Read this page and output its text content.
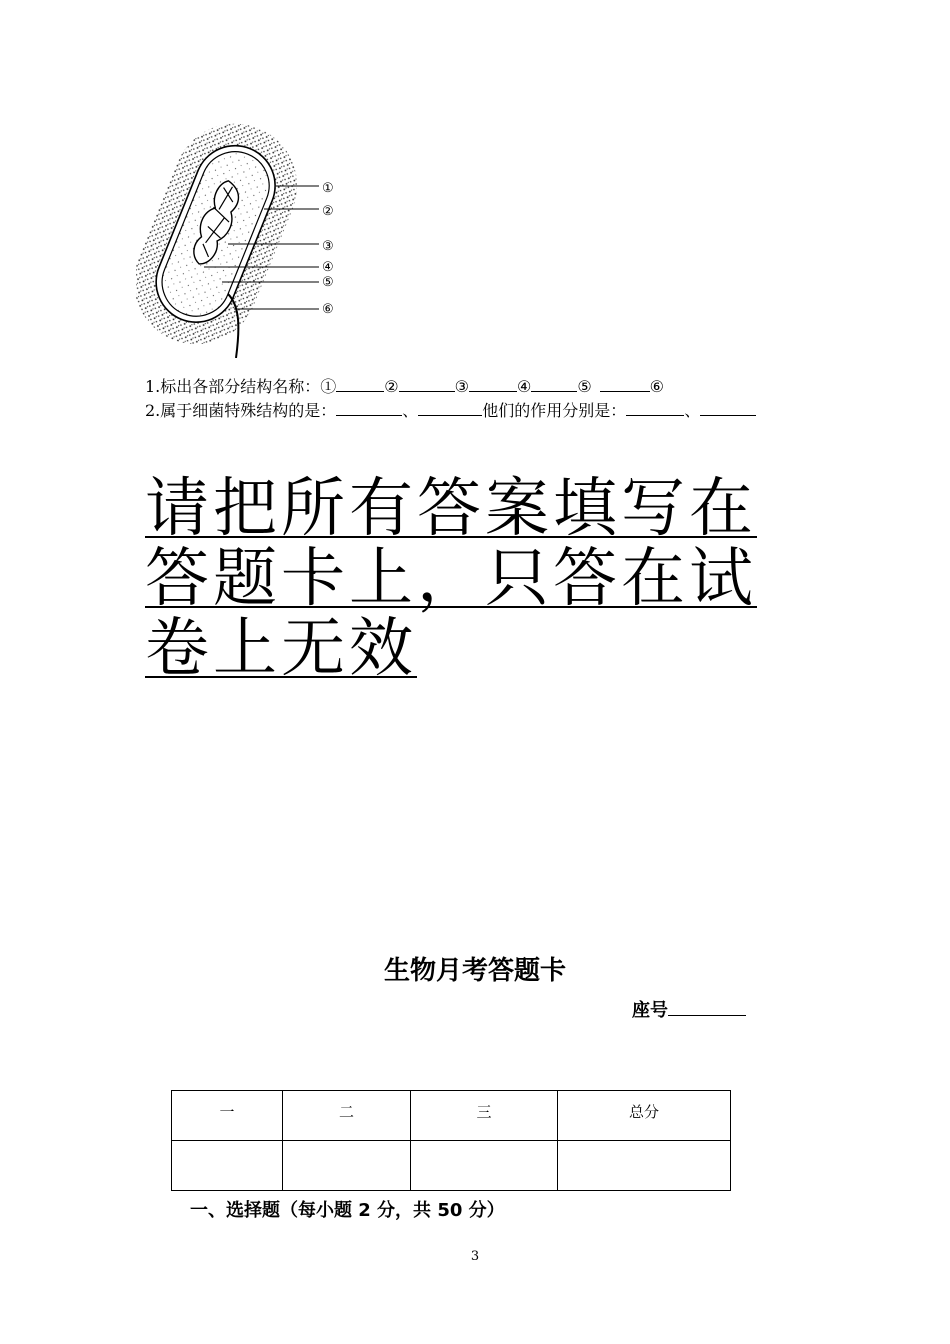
①
②
③
④
⑤
⑥
1.标出各部分结构名称：①	②	③	④	⑤	⑥
2.属于细菌特殊结构的是：	、	他们的作用分别是：	、
请把所有答案填写在答题卡上，只答在试卷上无效
生物月考答题卡
座号
一	二	三	总分

一、选择题（每小题 2 分，共 50 分）
3
